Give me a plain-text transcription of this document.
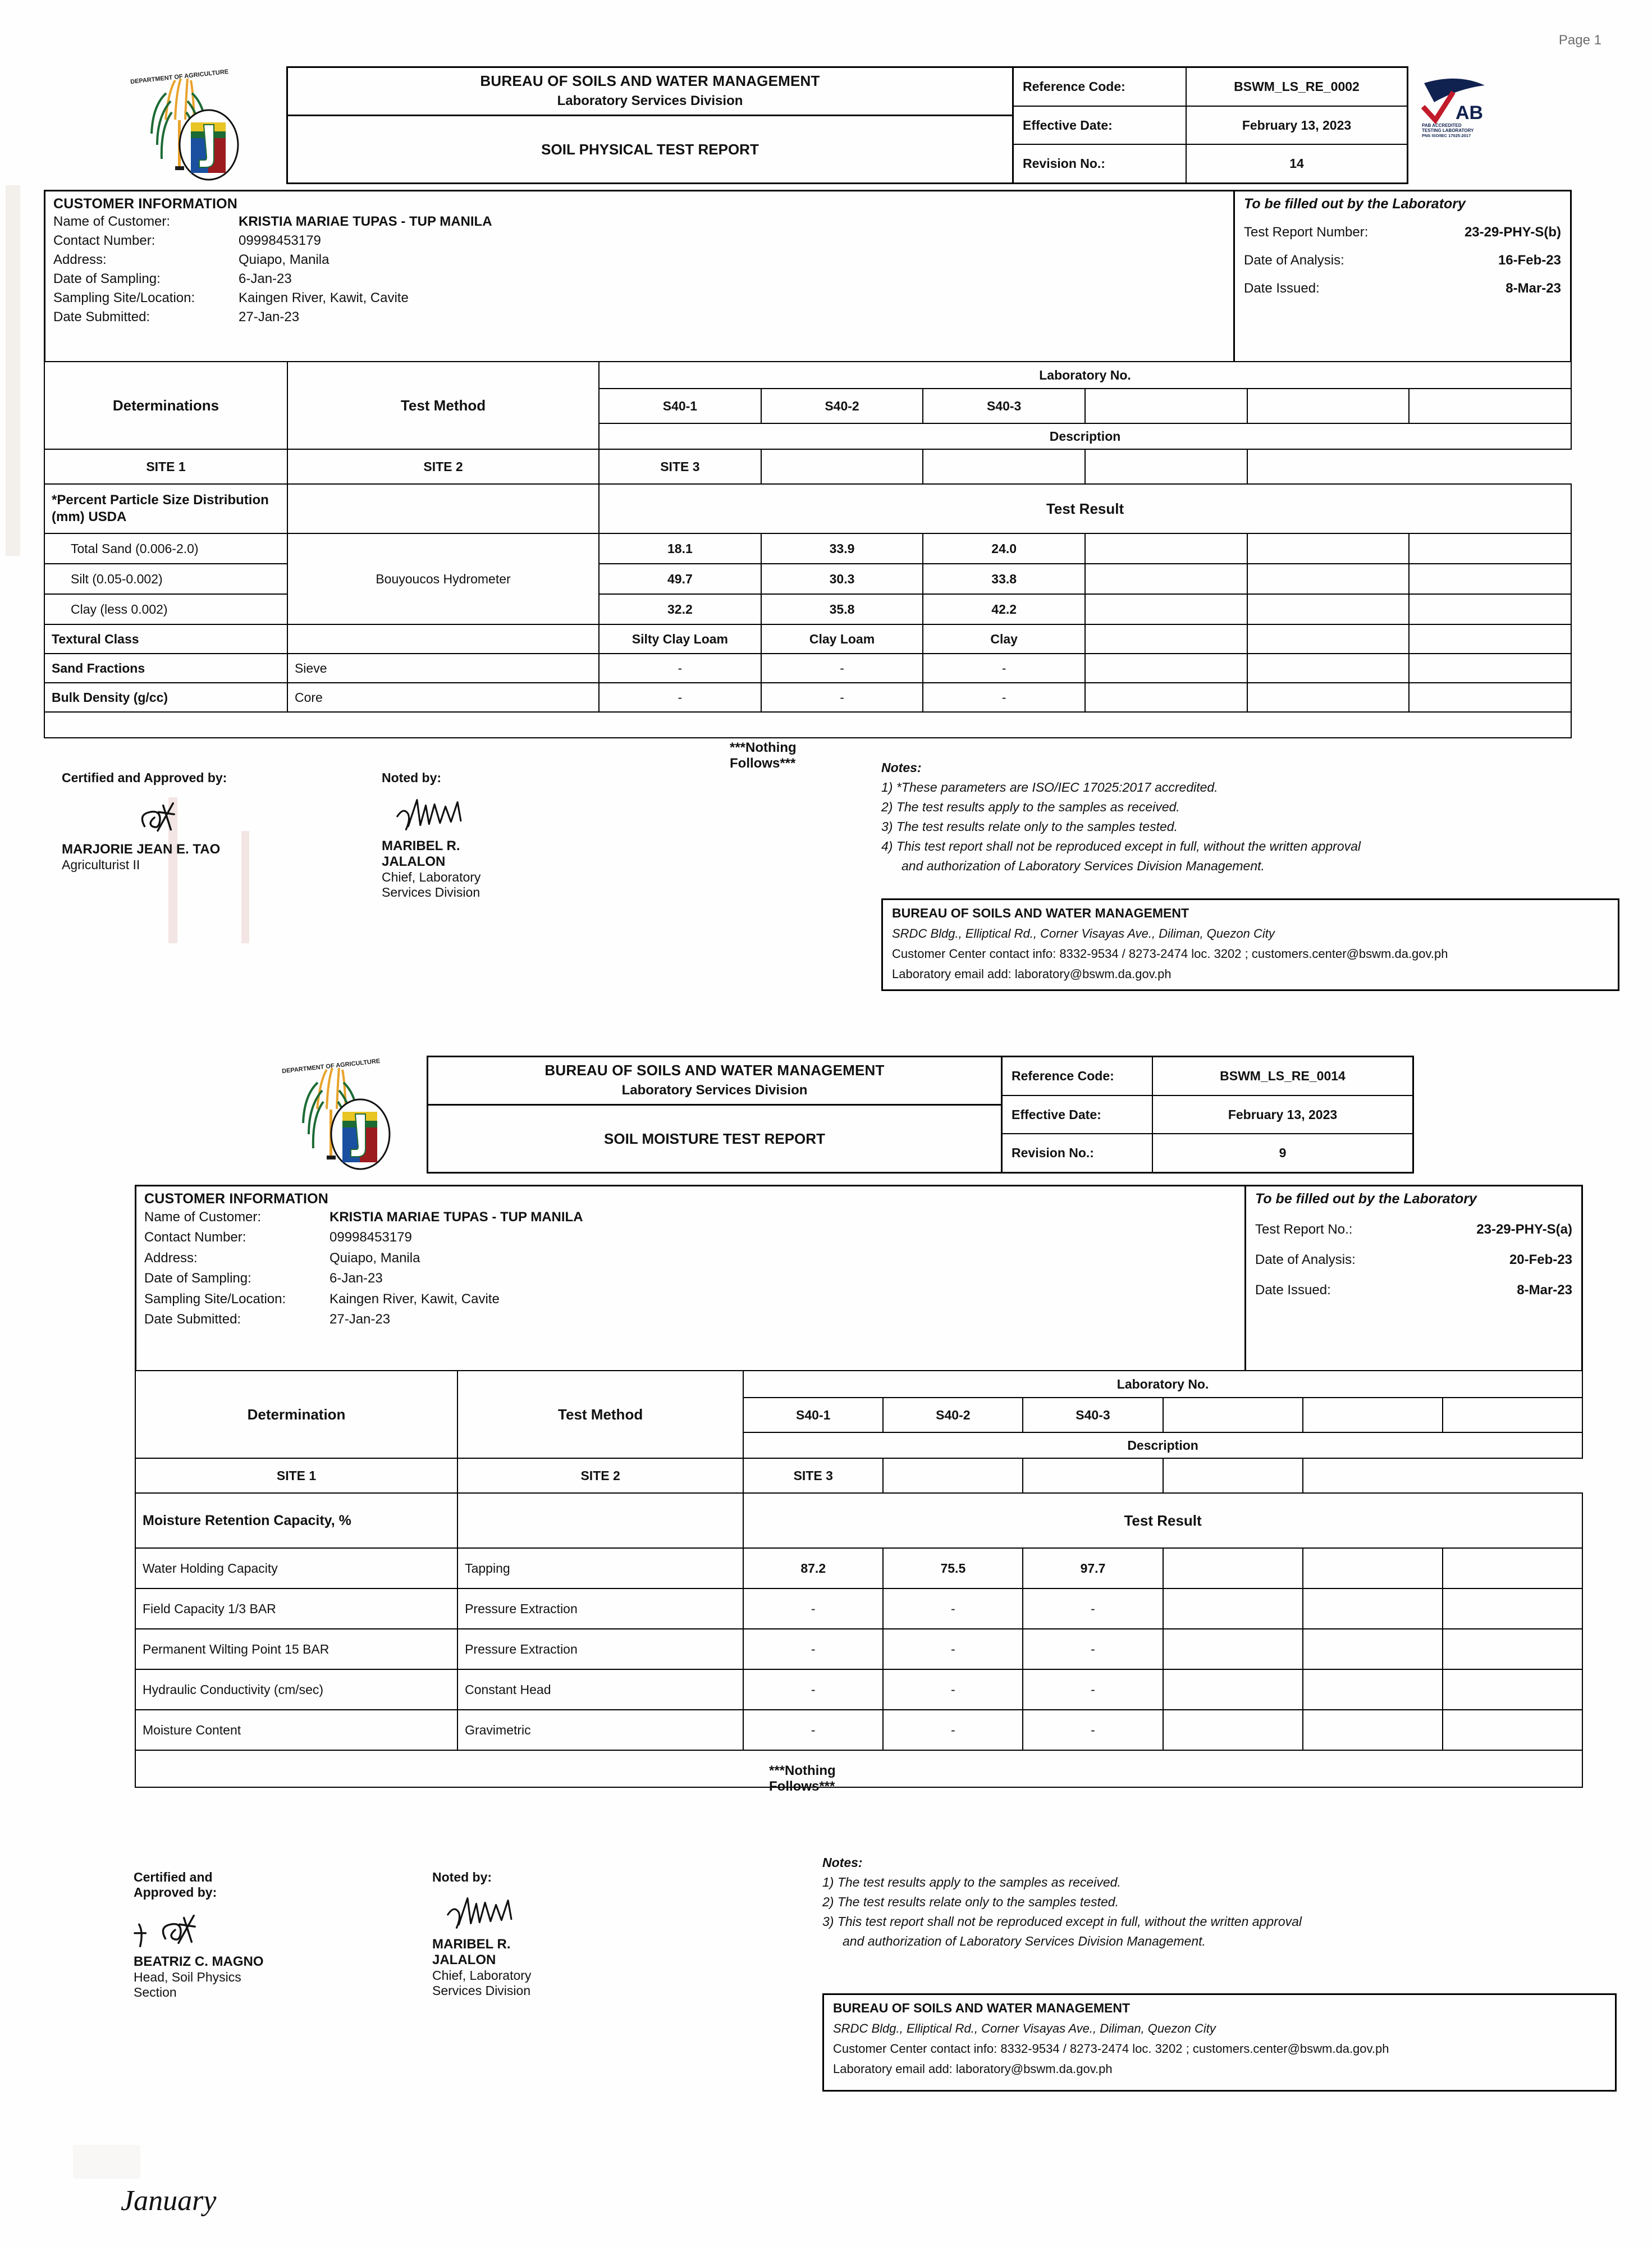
Page 1
DEPARTMENT OF AGRICULTURE	BUREAU OF SOILS AND WATER MANAGEMENT
Laboratory Services Division
SOIL PHYSICAL TEST REPORT
Reference Code:	BSWM_LS_RE_0002
Effective Date:	February 13, 2023
Revision No.:	14
AB
PAB ACCREDITED
TESTING LABORATORY
PNS ISO/IEC 17025:2017
CUSTOMER INFORMATION
Name of Customer:	KRISTIA MARIAE TUPAS - TUP MANILA
Contact Number:	09998453179
Address:	Quiapo, Manila
Date of Sampling:	6-Jan-23
Sampling Site/Location:	Kaingen River, Kawit, Cavite
Date Submitted:	27-Jan-23
To be filled out by the Laboratory
Test Report Number:	23-29-PHY-S(b)
Date of Analysis:	16-Feb-23
Date Issued:	8-Mar-23
Determinations	Test Method	Laboratory No.					
		S40-1	S40-2	S40-3			
		Description					
SITE 1	SITE 2	SITE 3					
*Percent Particle Size Distribution (mm) USDA		Test Result					
Total Sand (0.006-2.0)	Bouyoucos Hydrometer	18.1	33.9	24.0			
Silt (0.05-0.002)		49.7	30.3	33.8			
Clay (less 0.002)		32.2	35.8	42.2			
Textural Class		Silty Clay Loam	Clay Loam	Clay			
Sand Fractions	Sieve	-	-	-			
Bulk Density (g/cc)	Core	-	-	-			

***Nothing Follows***
Certified and Approved by:
MARJORIE JEAN E. TAO
Agriculturist II
Noted by:
MARIBEL R. JALALON
Chief, Laboratory Services Division
Notes:
1) *These parameters are ISO/IEC 17025:2017 accredited.
2) The test results apply to the samples as received.
3) The test results relate only to the samples tested.
4) This test report shall not be reproduced except in full, without the written approval
and authorization of Laboratory Services Division Management.
BUREAU OF SOILS AND WATER MANAGEMENT
SRDC Bldg., Elliptical Rd., Corner Visayas Ave., Diliman, Quezon City
Customer Center contact info: 8332-9534 / 8273-2474 loc. 3202 ; customers.center@bswm.da.gov.ph
Laboratory email add: laboratory@bswm.da.gov.ph
DEPARTMENT OF AGRICULTURE	BUREAU OF SOILS AND WATER MANAGEMENT
Laboratory Services Division
SOIL MOISTURE TEST REPORT
Reference Code:	BSWM_LS_RE_0014
Effective Date:	February 13, 2023
Revision No.:	9
CUSTOMER INFORMATION
Name of Customer:	KRISTIA MARIAE TUPAS - TUP MANILA
Contact Number:	09998453179
Address:	Quiapo, Manila
Date of Sampling:	6-Jan-23
Sampling Site/Location:	Kaingen River, Kawit, Cavite
Date Submitted:	27-Jan-23
To be filled out by the Laboratory
Test Report No.:	23-29-PHY-S(a)
Date of Analysis:	20-Feb-23
Date Issued:	8-Mar-23
Determination	Test Method	Laboratory No.					
		S40-1	S40-2	S40-3			
		Description					
SITE 1	SITE 2	SITE 3					
Moisture Retention Capacity, %		Test Result					
Water Holding Capacity	Tapping	87.2	75.5	97.7			
Field Capacity 1/3 BAR	Pressure Extraction	-	-	-			
Permanent Wilting Point 15 BAR	Pressure Extraction	-	-	-			
Hydraulic Conductivity (cm/sec)	Constant Head	-	-	-			
Moisture Content	Gravimetric	-	-	-			

***Nothing Follows***
Certified and Approved by:
BEATRIZ C. MAGNO
Head, Soil Physics Section
Noted by:
MARIBEL R. JALALON
Chief, Laboratory Services Division
Notes:
1) The test results apply to the samples as received.
2) The test results relate only to the samples tested.
3) This test report shall not be reproduced except in full, without the written approval
and authorization of Laboratory Services Division Management.
BUREAU OF SOILS AND WATER MANAGEMENT
SRDC Bldg., Elliptical Rd., Corner Visayas Ave., Diliman, Quezon City
Customer Center contact info: 8332-9534 / 8273-2474 loc. 3202 ; customers.center@bswm.da.gov.ph
Laboratory email add: laboratory@bswm.da.gov.ph
January
